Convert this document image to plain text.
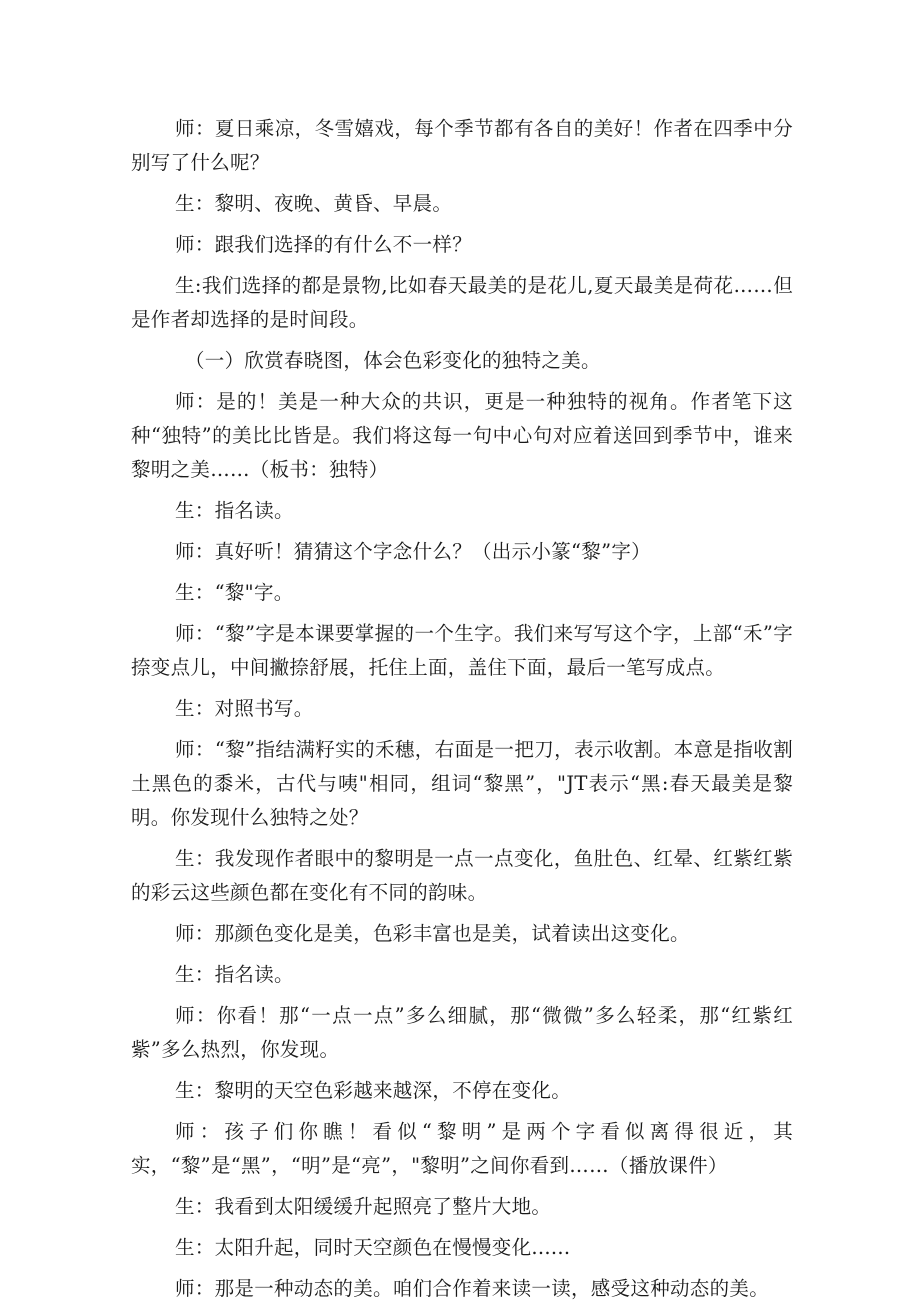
师：夏日乘凉，冬雪嬉戏，每个季节都有各自的美好！作者在四季中分别写了什么呢？

生：黎明、夜晚、黄昏、早晨。

师：跟我们选择的有什么不一样？

生:我们选择的都是景物,比如春天最美的是花儿,夏天最美是荷花……但是作者却选择的是时间段。

（一）欣赏春晓图，体会色彩变化的独特之美。

师：是的！美是一种大众的共识，更是一种独特的视角。作者笔下这种“独特”的美比比皆是。我们将这每一句中心句对应着送回到季节中，谁来黎明之美……（板书：独特）

生：指名读。

师：真好听！猜猜这个字念什么？（出示小篆“黎”字）

生：“黎"字。

师：“黎”字是本课要掌握的一个生字。我们来写写这个字，上部“禾”字捺变点儿，中间撇捺舒展，托住上面，盖住下面，最后一笔写成点。

生：对照书写。

师：“黎”指结满籽实的禾穗，右面是一把刀，表示收割。本意是指收割土黑色的黍米，古代与咦"相同，组词“黎黑”，"JT表示“黑:春天最美是黎明。你发现什么独特之处？

生：我发现作者眼中的黎明是一点一点变化，鱼肚色、红晕、红紫红紫的彩云这些颜色都在变化有不同的韵味。

师：那颜色变化是美，色彩丰富也是美，试着读出这变化。

生：指名读。

师：你看！那“一点一点”多么细腻，那“微微”多么轻柔，那“红紫红紫”多么热烈，你发现。

生：黎明的天空色彩越来越深，不停在变化。

师：孩子们你瞧！看似“黎明”是两个字看似离得很近，其实，“黎”是“黑”，“明”是“亮”，"黎明”之间你看到……（播放课件）

生：我看到太阳缓缓升起照亮了整片大地。

生：太阳升起，同时天空颜色在慢慢变化......

师：那是一种动态的美。咱们合作着来读一读，感受这种动态的美。
